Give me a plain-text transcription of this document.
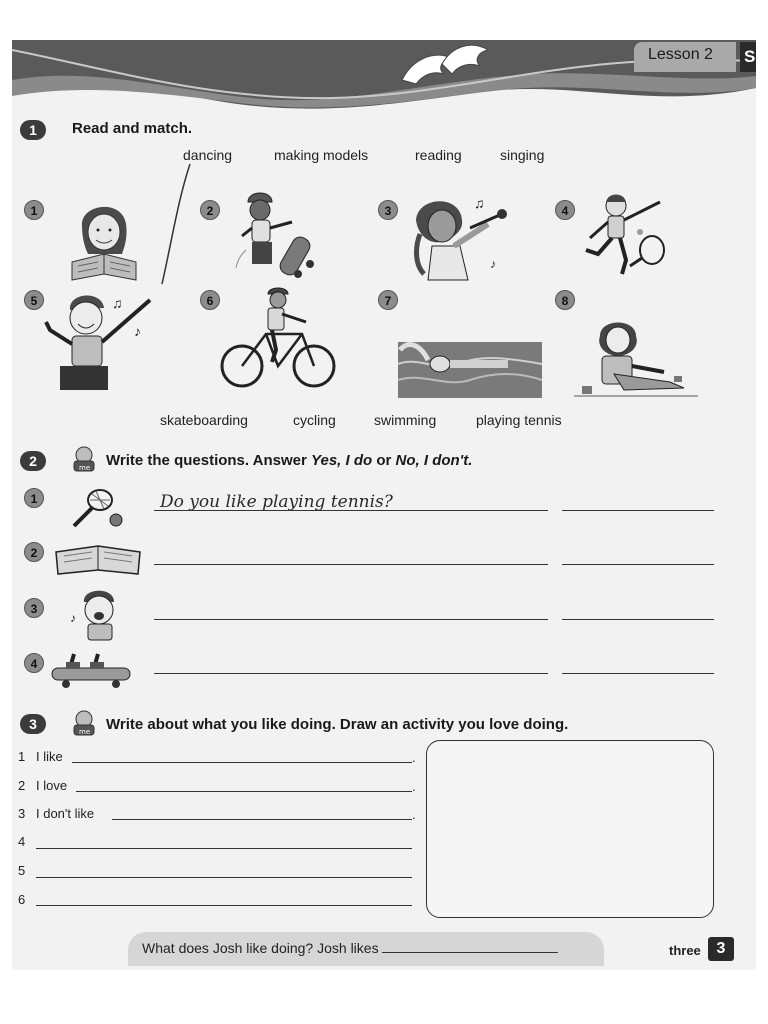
Lesson 2 S
1	Read and match.
dancing	making models	reading	singing
1	2	3	4
5	6	7	8
♫
♪
♫
♪
skateboarding	cycling	swimming	playing tennis
2	me Write the questions. Answer Yes, I do or No, I don't.
1
2
3
4
♪
Do you like playing tennis?
3	me Write about what you like doing. Draw an activity you love doing.
1 I like	.
2 I love	.
3 I don't like	.
4
5
6
What does Josh like doing? Josh likes	three 3
